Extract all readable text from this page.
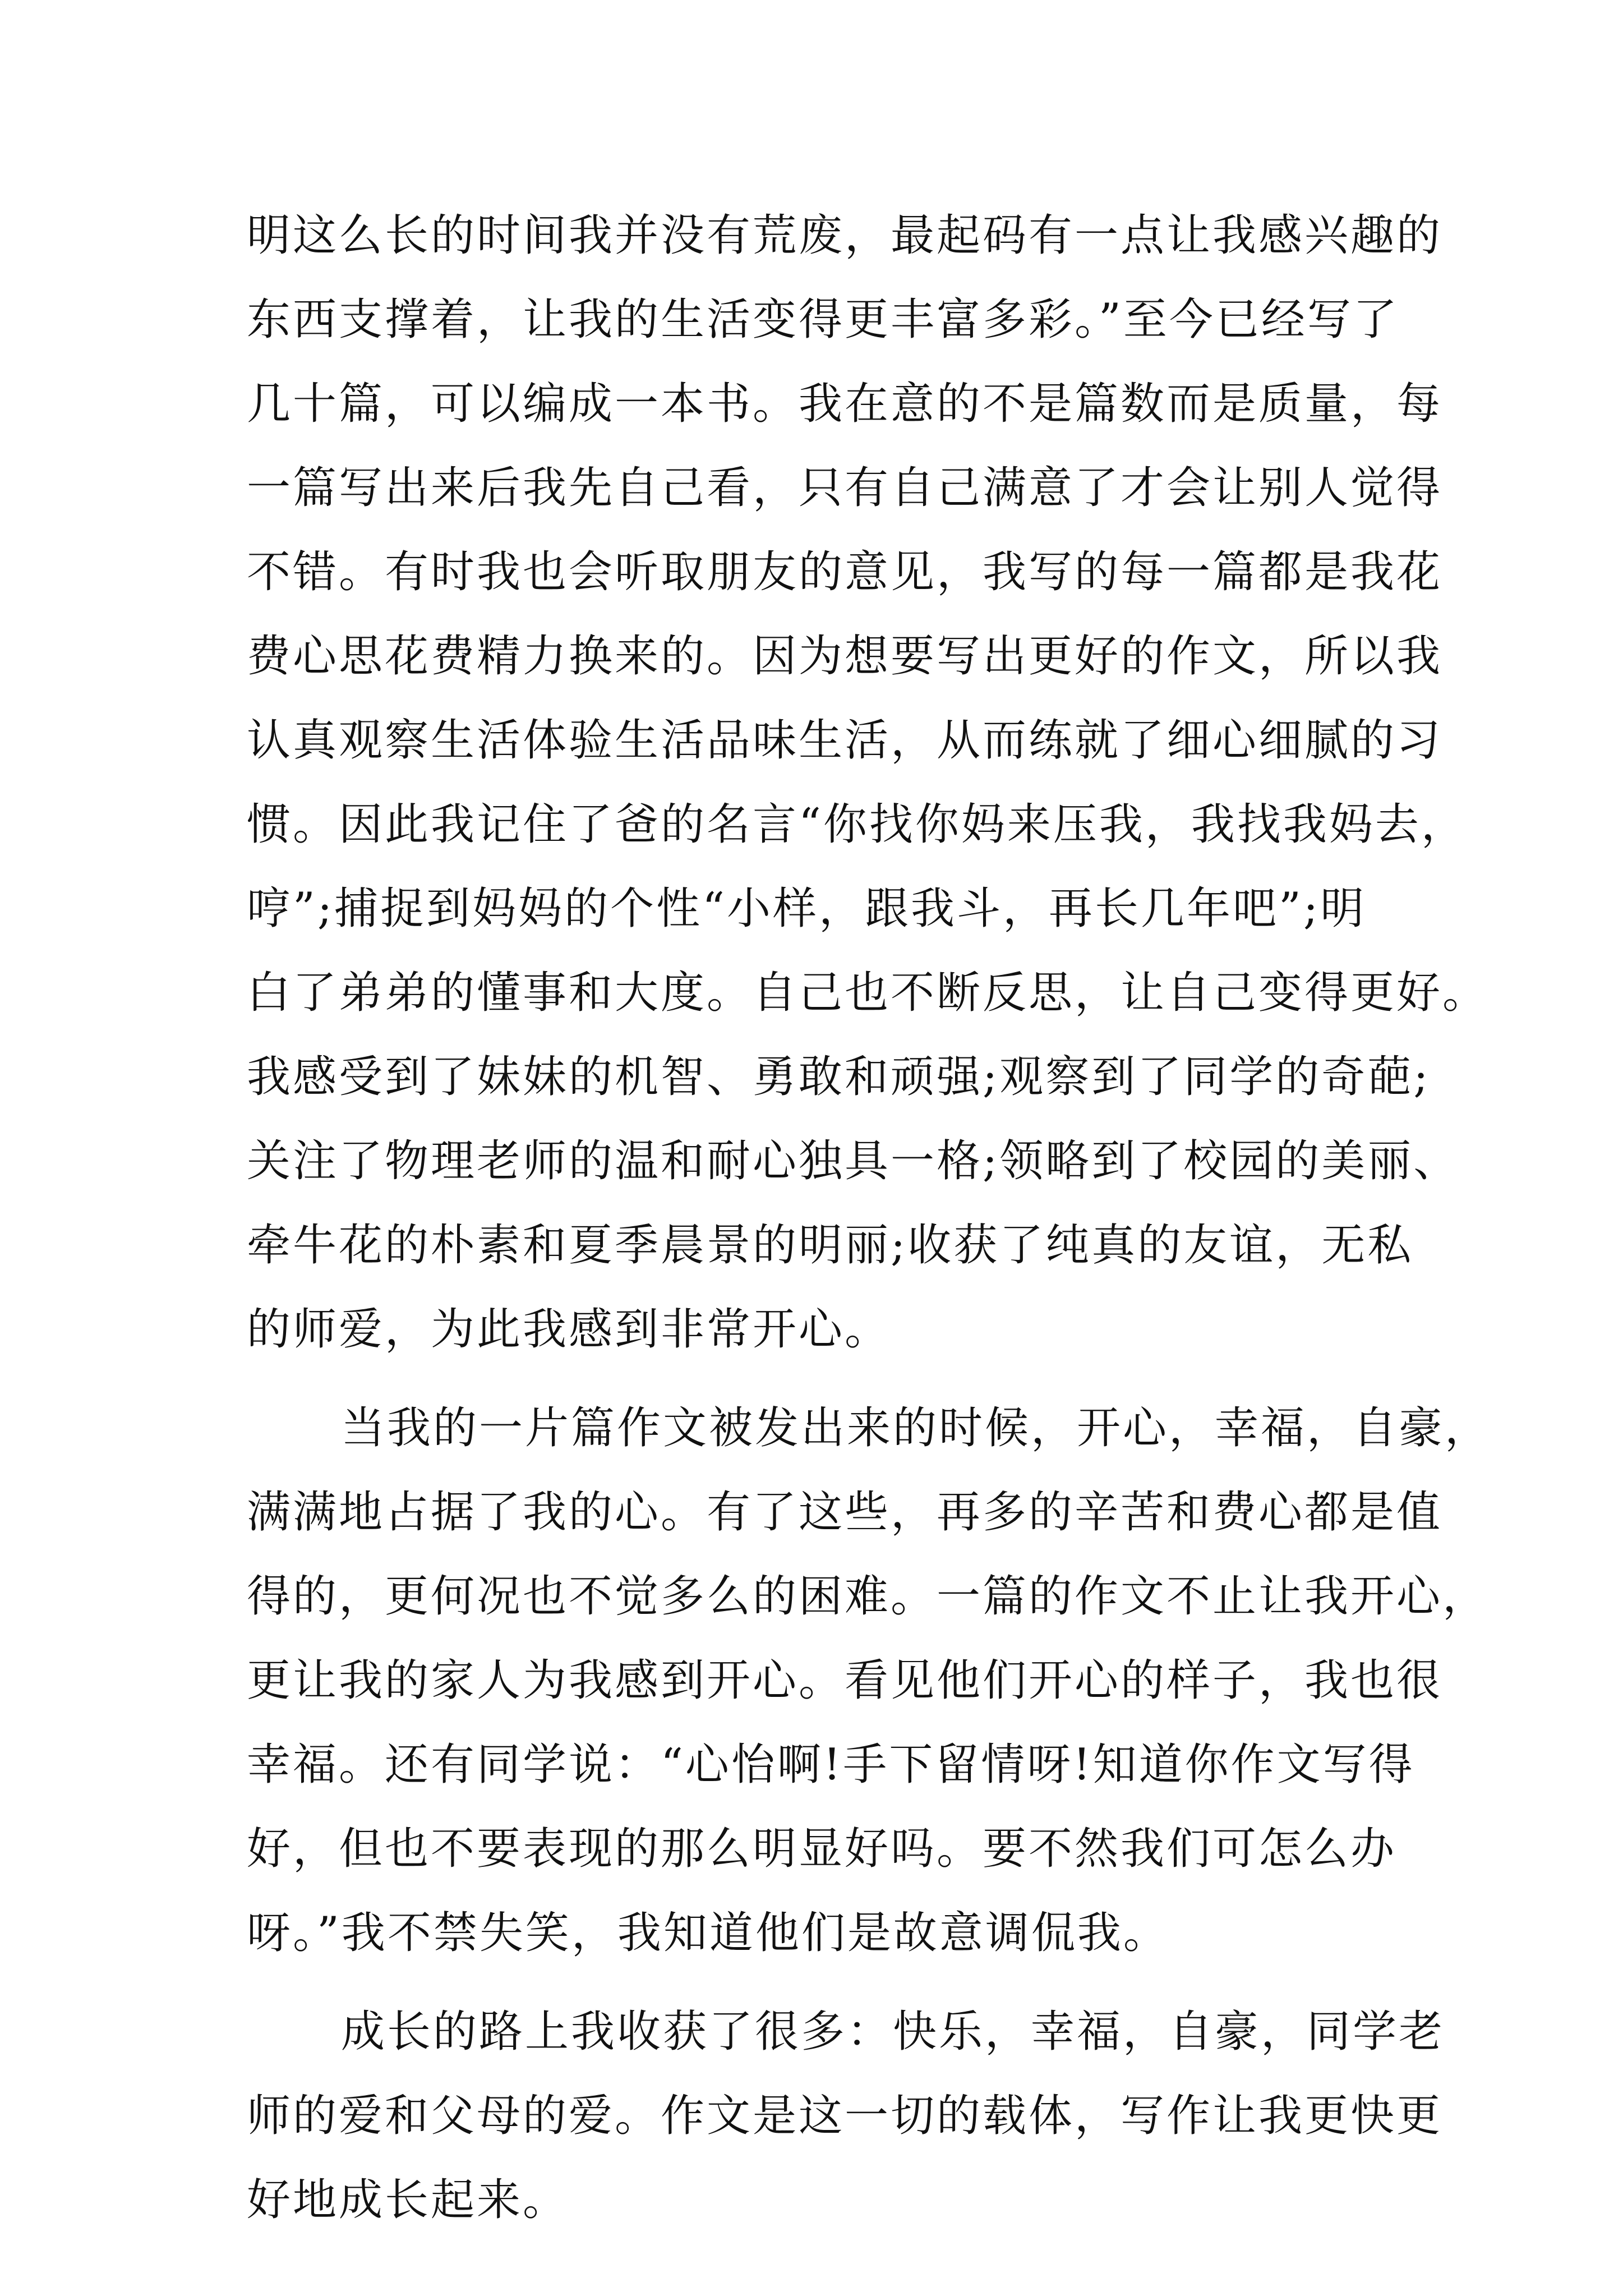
明这么长的时间我并没有荒废，最起码有一点让我感兴趣的
东西支撑着，让我的生活变得更丰富多彩。”至今已经写了
几十篇，可以编成一本书。我在意的不是篇数而是质量，每
一篇写出来后我先自己看，只有自己满意了才会让别人觉得
不错。有时我也会听取朋友的意见，我写的每一篇都是我花
费心思花费精力换来的。因为想要写出更好的作文，所以我
认真观察生活体验生活品味生活，从而练就了细心细腻的习
惯。因此我记住了爸的名言“你找你妈来压我，我找我妈去，
哼”;捕捉到妈妈的个性“小样，跟我斗，再长几年吧”;明
白了弟弟的懂事和大度。自己也不断反思，让自己变得更好。
我感受到了妹妹的机智、勇敢和顽强;观察到了同学的奇葩;
关注了物理老师的温和耐心独具一格;领略到了校园的美丽、
牵牛花的朴素和夏季晨景的明丽;收获了纯真的友谊，无私
的师爱，为此我感到非常开心。
当我的一片篇作文被发出来的时候，开心，幸福，自豪，
满满地占据了我的心。有了这些，再多的辛苦和费心都是值
得的，更何况也不觉多么的困难。一篇的作文不止让我开心，
更让我的家人为我感到开心。看见他们开心的样子，我也很
幸福。还有同学说：“心怡啊!手下留情呀!知道你作文写得
好，但也不要表现的那么明显好吗。要不然我们可怎么办
呀。”我不禁失笑，我知道他们是故意调侃我。
成长的路上我收获了很多：快乐，幸福，自豪，同学老
师的爱和父母的爱。作文是这一切的载体，写作让我更快更
好地成长起来。
